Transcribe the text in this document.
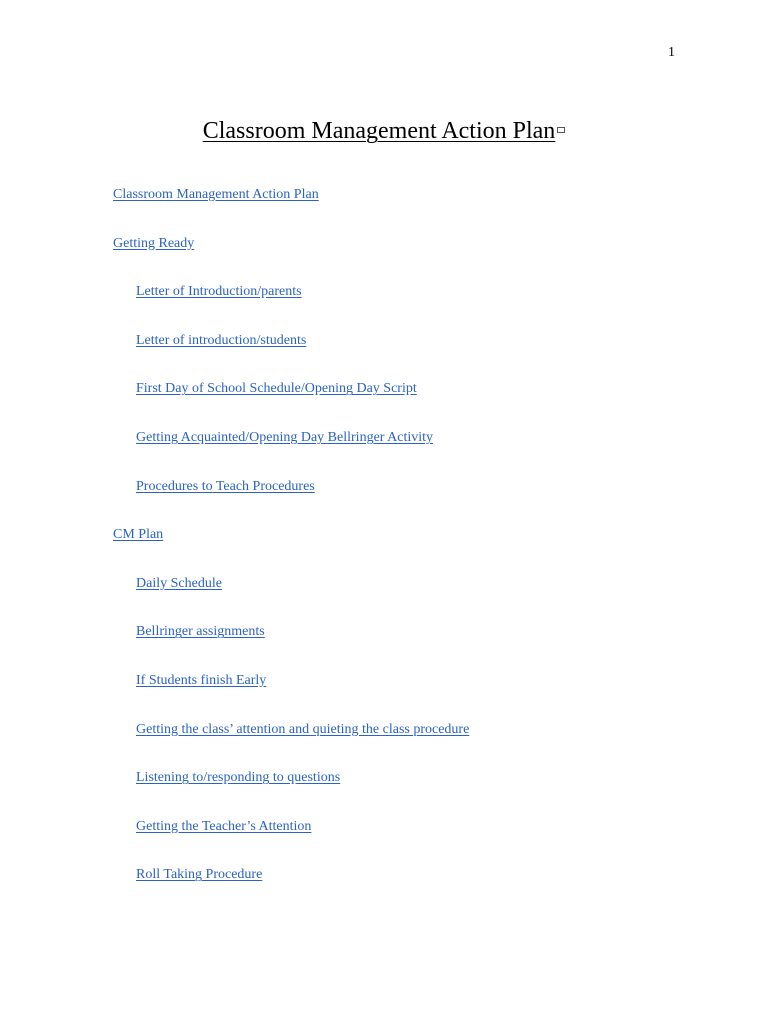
1
Classroom Management Action Plan
Classroom Management Action Plan
Getting Ready
Letter of Introduction/parents
Letter of introduction/students
First Day of School Schedule/Opening Day Script
Getting Acquainted/Opening Day Bellringer Activity
Procedures to Teach Procedures
CM Plan
Daily Schedule
Bellringer assignments
If Students finish Early
Getting the class’ attention and quieting the class procedure
Listening to/responding to questions
Getting the Teacher’s Attention
Roll Taking Procedure
